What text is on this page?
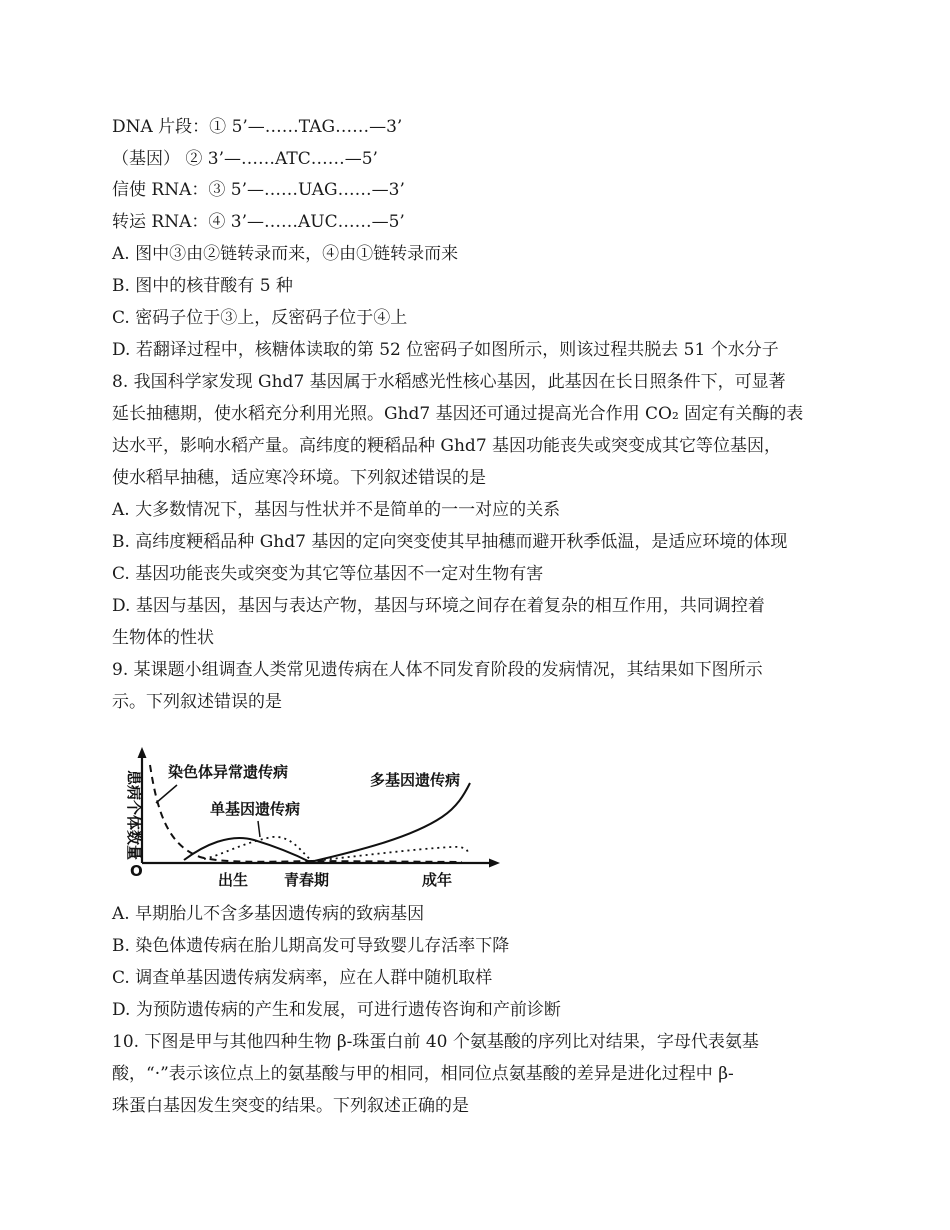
DNA 片段：① 5’—……TAG……—3’
（基因） ② 3’—……ATC……—5’
信使 RNA：③ 5’—……UAG……—3’
转运 RNA：④ 3’—……AUC……—5’
A. 图中③由②链转录而来，④由①链转录而来
B. 图中的核苷酸有 5 种
C. 密码子位于③上，反密码子位于④上
D. 若翻译过程中，核糖体读取的第 52 位密码子如图所示，则该过程共脱去 51 个水分子
8. 我国科学家发现 Ghd7 基因属于水稻感光性核心基因，此基因在长日照条件下，可显著
延长抽穗期，使水稻充分利用光照。Ghd7 基因还可通过提高光合作用 CO₂ 固定有关酶的表
达水平，影响水稻产量。高纬度的粳稻品种 Ghd7 基因功能丧失或突变成其它等位基因，
使水稻早抽穗，适应寒冷环境。下列叙述错误的是
A. 大多数情况下，基因与性状并不是简单的一一对应的关系
B. 高纬度粳稻品种 Ghd7 基因的定向突变使其早抽穗而避开秋季低温，是适应环境的体现
C. 基因功能丧失或突变为其它等位基因不一定对生物有害
D. 基因与基因，基因与表达产物，基因与环境之间存在着复杂的相互作用，共同调控着
生物体的性状
9. 某课题小组调查人类常见遗传病在人体不同发育阶段的发病情况，其结果如下图所示
示。下列叙述错误的是
患病个体数量
O	出生 青春期	成年
染色体异常遗传病
单基因遗传病
多基因遗传病
A. 早期胎儿不含多基因遗传病的致病基因
B. 染色体遗传病在胎儿期高发可导致婴儿存活率下降
C. 调查单基因遗传病发病率，应在人群中随机取样
D. 为预防遗传病的产生和发展，可进行遗传咨询和产前诊断
10. 下图是甲与其他四种生物 β-珠蛋白前 40 个氨基酸的序列比对结果，字母代表氨基
酸，“·”表示该位点上的氨基酸与甲的相同，相同位点氨基酸的差异是进化过程中 β-
珠蛋白基因发生突变的结果。下列叙述正确的是
